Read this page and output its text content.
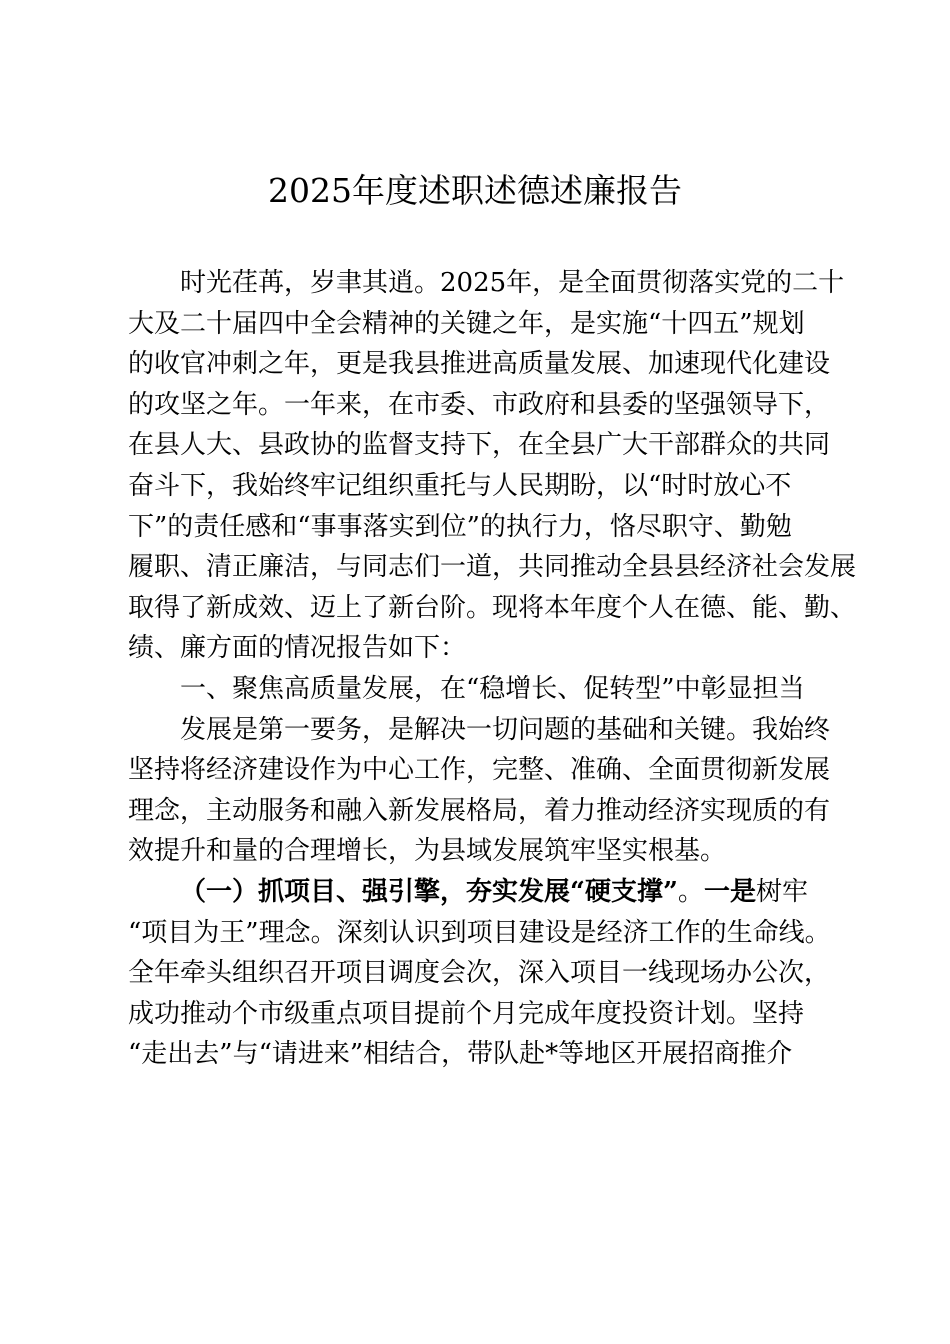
2025年度述职述德述廉报告
时光荏苒，岁聿其逍。2025年，是全面贯彻落实党的二十
大及二十届四中全会精神的关键之年，是实施“十四五”规划
的收官冲刺之年，更是我县推进高质量发展、加速现代化建设
的攻坚之年。一年来，在市委、市政府和县委的坚强领导下，
在县人大、县政协的监督支持下，在全县广大干部群众的共同
奋斗下，我始终牢记组织重托与人民期盼，以“时时放心不
下”的责任感和“事事落实到位”的执行力，恪尽职守、勤勉
履职、清正廉洁，与同志们一道，共同推动全县县经济社会发展
取得了新成效、迈上了新台阶。现将本年度个人在德、能、勤、
绩、廉方面的情况报告如下：
一、聚焦高质量发展，在“稳增长、促转型”中彰显担当
发展是第一要务，是解决一切问题的基础和关键。我始终
坚持将经济建设作为中心工作，完整、准确、全面贯彻新发展
理念，主动服务和融入新发展格局，着力推动经济实现质的有
效提升和量的合理增长，为县域发展筑牢坚实根基。
（一）抓项目、强引擎，夯实发展“硬支撑”。一是树牢
“项目为王”理念。深刻认识到项目建设是经济工作的生命线。
全年牵头组织召开项目调度会次，深入项目一线现场办公次，
成功推动个市级重点项目提前个月完成年度投资计划。坚持
“走出去”与“请进来”相结合，带队赴*等地区开展招商推介
